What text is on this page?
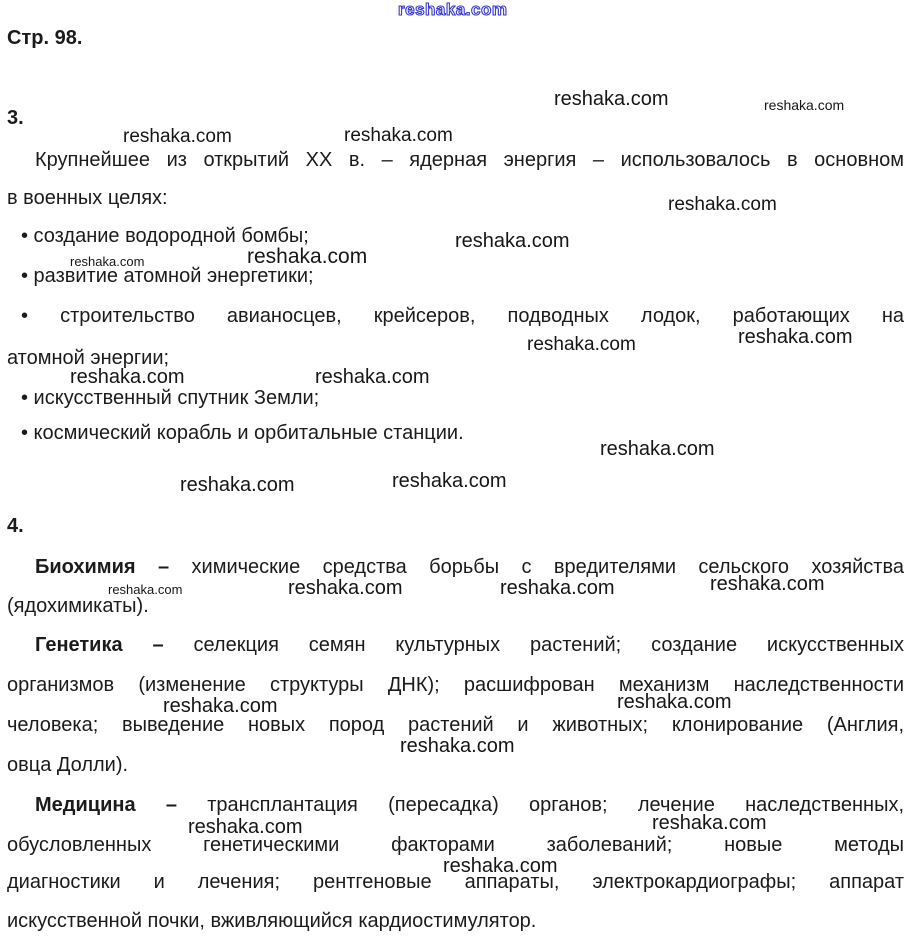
reshaka.com
reshaka.com	reshaka.com
reshaka.com	reshaka.com
reshaka.com
reshaka.com
reshaka.com	reshaka.com
reshaka.com
reshaka.com
reshaka.com	reshaka.com
reshaka.com
reshaka.com	reshaka.com
reshaka.com	reshaka.com	reshaka.com	reshaka.com
reshaka.com	reshaka.com
reshaka.com
reshaka.com	reshaka.com
reshaka.com
Стр. 98.
3.
Крупнейшее из открытий XX в. – ядерная энергия – использовалось в основном
в военных целях:
• создание водородной бомбы;
• развитие атомной энергетики;
• строительство авианосцев, крейсеров, подводных лодок, работающих на
атомной энергии;
• искусственный спутник Земли;
• космический корабль и орбитальные станции.
4.
Биохимия – химические средства борьбы с вредителями сельского хозяйства
(ядохимикаты).
Генетика – селекция семян культурных растений; создание искусственных
организмов (изменение структуры ДНК); расшифрован механизм наследственности
человека; выведение новых пород растений и животных; клонирование (Англия,
овца Долли).
Медицина – трансплантация (пересадка) органов; лечение наследственных,
обусловленных генетическими факторами заболеваний; новые методы
диагностики и лечения; рентгеновые аппараты, электрокардиографы; аппарат
искусственной почки, вживляющийся кардиостимулятор.
